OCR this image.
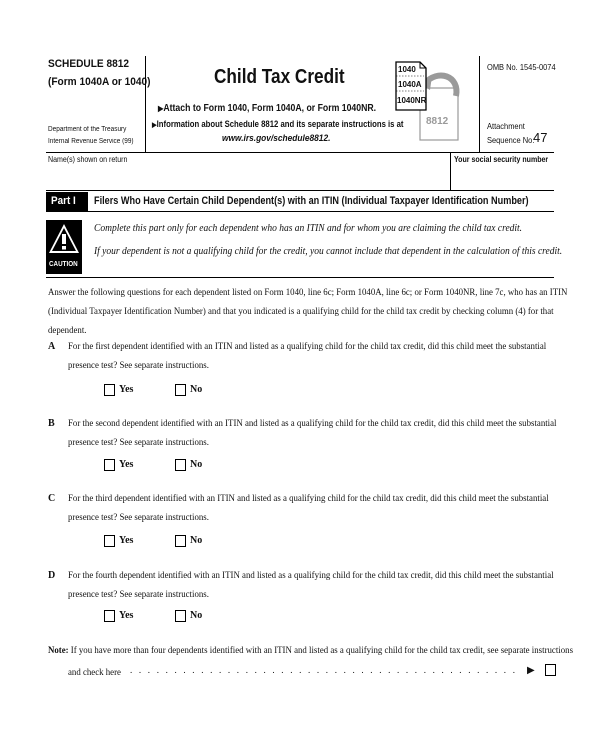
SCHEDULE 8812
(Form 1040A or 1040)
Department of the Treasury
Internal Revenue Service (99)
Child Tax Credit
▶Attach to Form 1040, Form 1040A, or Form 1040NR.
▶Information about Schedule 8812 and its separate instructions is at
www.irs.gov/schedule8812.
1040
1040A
1040NR
8812
OMB No. 1545-0074
Attachment
Sequence No.
47
Name(s) shown on return	Your social security number
Part I	Filers Who Have Certain Child Dependent(s) with an ITIN (Individual Taxpayer Identification Number)
CAUTION
Complete this part only for each dependent who has an ITIN and for whom you are claiming the child tax credit.
If your dependent is not a qualifying child for the credit, you cannot include that dependent in the calculation of this credit.
Answer the following questions for each dependent listed on Form 1040, line 6c; Form 1040A, line 6c; or Form 1040NR, line 7c, who has an ITIN
(Individual Taxpayer Identification Number) and that you indicated is a qualifying child for the child tax credit by checking column (4) for that
dependent.
A For the first dependent identified with an ITIN and listed as a qualifying child for the child tax credit, did this child meet the substantial
presence test? See separate instructions.
Yes	No
B For the second dependent identified with an ITIN and listed as a qualifying child for the child tax credit, did this child meet the substantial
presence test? See separate instructions.
Yes	No
C For the third dependent identified with an ITIN and listed as a qualifying child for the child tax credit, did this child meet the substantial
presence test? See separate instructions.
Yes	No
D For the fourth dependent identified with an ITIN and listed as a qualifying child for the child tax credit, did this child meet the substantial
presence test? See separate instructions.
Yes	No
Note: If you have more than four dependents identified with an ITIN and listed as a qualifying child for the child tax credit, see separate instructions
and check here . . . . . . . . . . . . . . . . . . . . . . . . . . . . . . . . . . . . . . . . . . . . ▶
